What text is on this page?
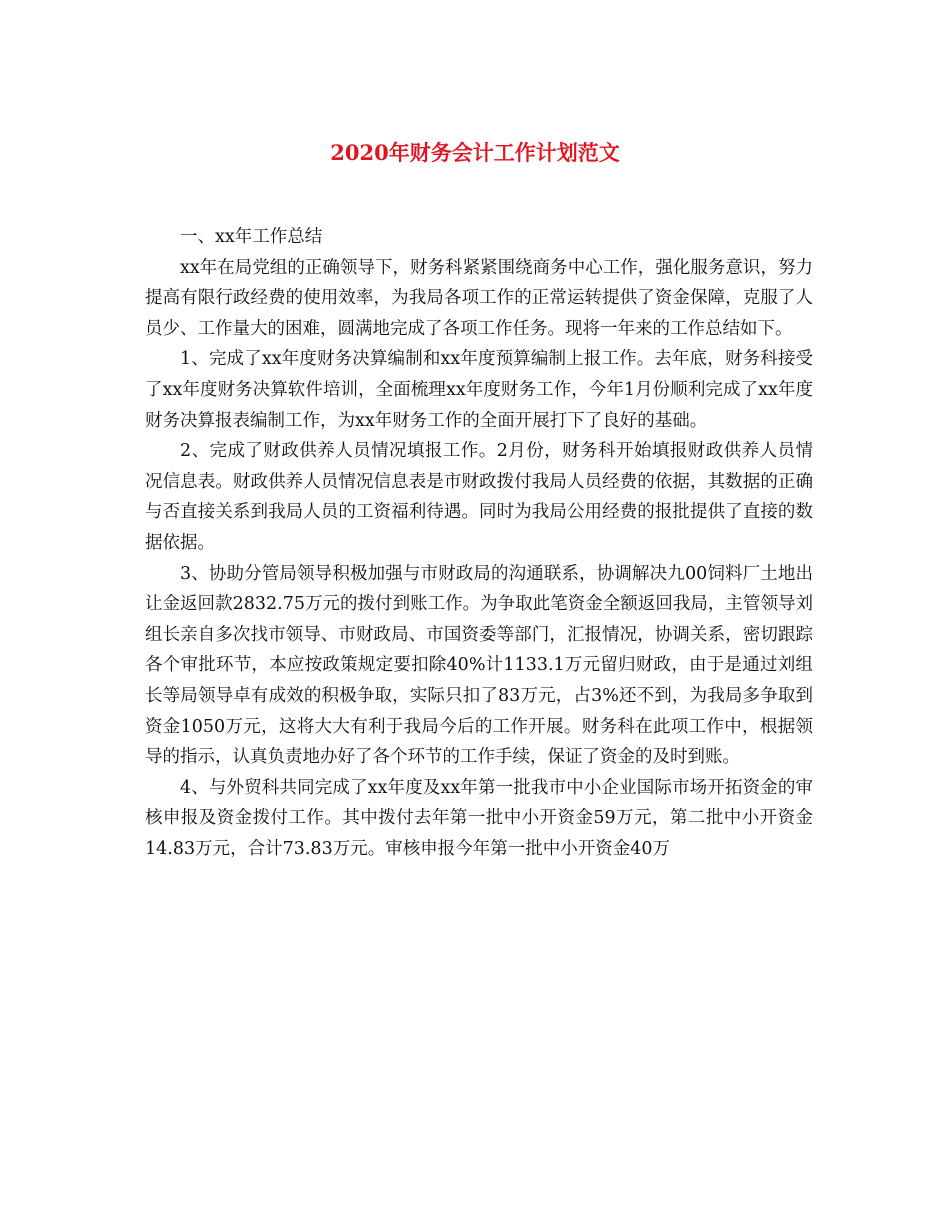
2020年财务会计工作计划范文

一、xx年工作总结

xx年在局党组的正确领导下，财务科紧紧围绕商务中心工作，强化服务意识，努力提高有限行政经费的使用效率，为我局各项工作的正常运转提供了资金保障，克服了人员少、工作量大的困难，圆满地完成了各项工作任务。现将一年来的工作总结如下。

1、完成了xx年度财务决算编制和xx年度预算编制上报工作。去年底，财务科接受了xx年度财务决算软件培训，全面梳理xx年度财务工作，今年1月份顺利完成了xx年度财务决算报表编制工作，为xx年财务工作的全面开展打下了良好的基础。

2、完成了财政供养人员情况填报工作。2月份，财务科开始填报财政供养人员情况信息表。财政供养人员情况信息表是市财政拨付我局人员经费的依据，其数据的正确与否直接关系到我局人员的工资福利待遇。同时为我局公用经费的报批提供了直接的数据依据。

3、协助分管局领导积极加强与市财政局的沟通联系，协调解决九00饲料厂土地出让金返回款2832.75万元的拨付到账工作。为争取此笔资金全额返回我局，主管领导刘组长亲自多次找市领导、市财政局、市国资委等部门，汇报情况，协调关系，密切跟踪各个审批环节，本应按政策规定要扣除40%计1133.1万元留归财政，由于是通过刘组长等局领导卓有成效的积极争取，实际只扣了83万元，占3%还不到，为我局多争取到资金1050万元，这将大大有利于我局今后的工作开展。财务科在此项工作中，根据领导的指示，认真负责地办好了各个环节的工作手续，保证了资金的及时到账。

4、与外贸科共同完成了xx年度及xx年第一批我市中小企业国际市场开拓资金的审核申报及资金拨付工作。其中拨付去年第一批中小开资金59万元，第二批中小开资金14.83万元，合计73.83万元。审核申报今年第一批中小开资金40万
